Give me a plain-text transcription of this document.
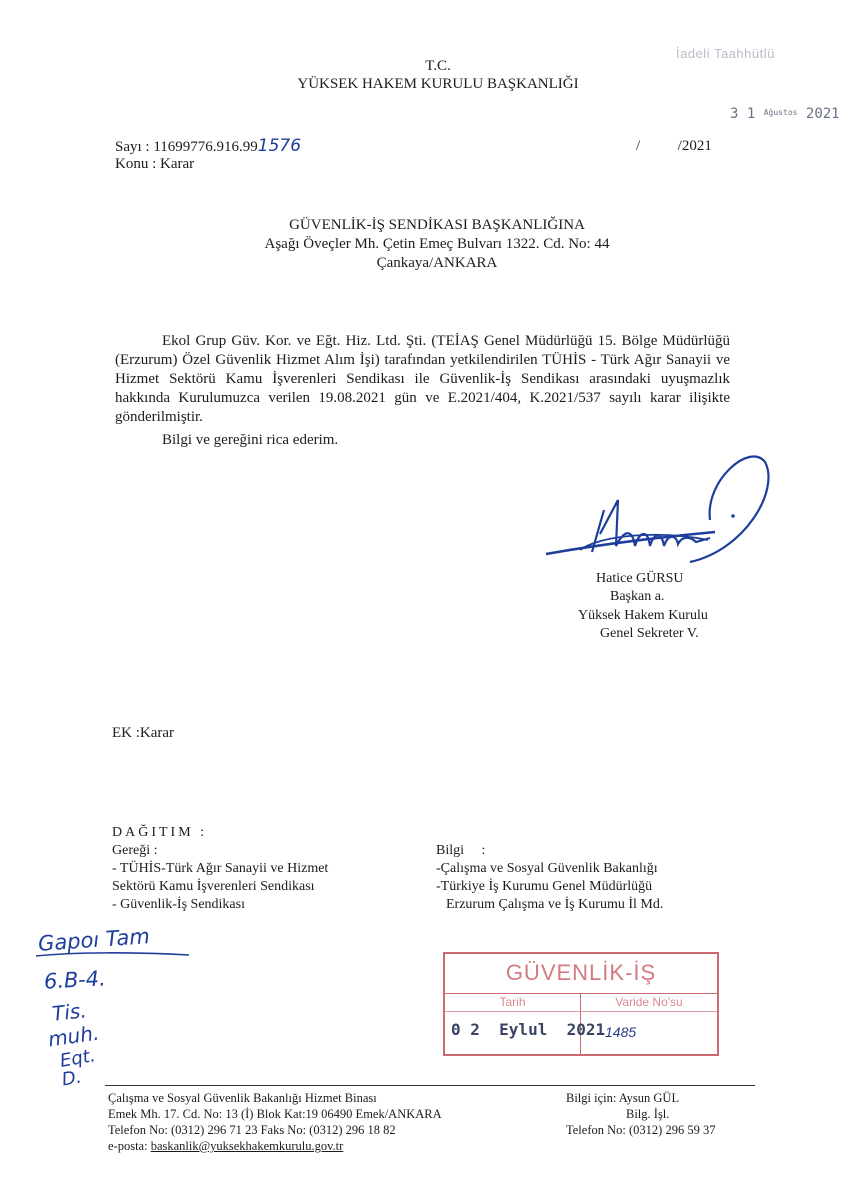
İadeli Taahhütlü
3 1 $^{Ağustos}$ 2021
T.C.
YÜKSEK HAKEM KURULU BAŞKANLIĞI
Sayı : 11699776.916.991576	/          /2021
Konu : Karar
GÜVENLİK-İŞ SENDİKASI BAŞKANLIĞINA
Aşağı Öveçler Mh. Çetin Emeç Bulvarı 1322. Cd. No: 44
Çankaya/ANKARA
Ekol Grup Güv. Kor. ve Eğt. Hiz. Ltd. Şti. (TEİAŞ Genel Müdürlüğü 15. Bölge Müdürlüğü (Erzurum) Özel Güvenlik Hizmet Alım İşi) tarafından yetkilendirilen TÜHİS - Türk Ağır Sanayii ve Hizmet Sektörü Kamu İşverenleri Sendikası ile Güvenlik-İş Sendikası arasındaki uyuşmazlık hakkında Kurulumuzca verilen 19.08.2021 gün ve E.2021/404, K.2021/537 sayılı karar ilişikte gönderilmiştir.
Bilgi ve gereğini rica ederim.
Hatice GÜRSU
Başkan a.
Yüksek Hakem Kurulu
Genel Sekreter V.
EK :Karar
DAĞITIM :
Gereği :
- TÜHİS-Türk Ağır Sanayii ve Hizmet
Sektörü Kamu İşverenleri Sendikası
- Güvenlik-İş Sendikası
Bilgi     :
-Çalışma ve Sosyal Güvenlik Bakanlığı
-Türkiye İş Kurumu Genel Müdürlüğü
Erzurum Çalışma ve İş Kurumu İl Md.
Gapoı Tam
6.B-4.
Tis.
muh.
Eqt.
D.
GÜVENLİK-İŞ
Tarih	Varide No'su
0 2  Eylul  2021 1485
Çalışma ve Sosyal Güvenlik Bakanlığı Hizmet Binası
Emek Mh. 17. Cd. No: 13 (İ) Blok Kat:19 06490 Emek/ANKARA
Telefon No: (0312) 296 71 23 Faks No: (0312) 296 18 82
e-posta: baskanlik@yuksekhakemkurulu.gov.tr
Bilgi için: Aysun GÜL
Bilg. İşl.
Telefon No: (0312) 296 59 37
